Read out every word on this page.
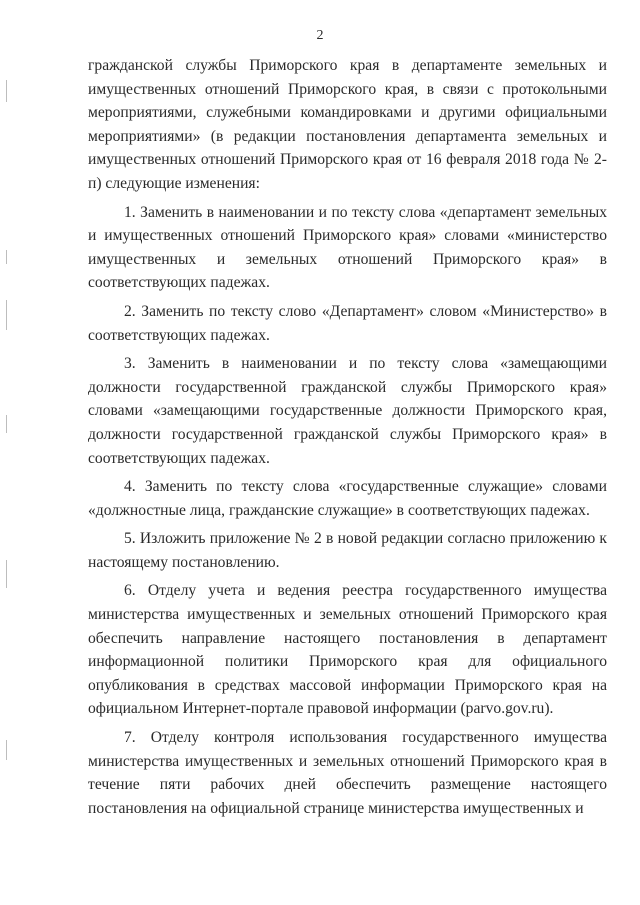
2

гражданской службы Приморского края в департаменте земельных и имущественных отношений Приморского края, в связи с протокольными мероприятиями, служебными командировками и другими официальными мероприятиями» (в редакции постановления департамента земельных и имущественных отношений Приморского края от 16 февраля 2018 года № 2-п) следующие изменения:

1. Заменить в наименовании и по тексту слова «департамент земельных и имущественных отношений Приморского края» словами «министерство имущественных и земельных отношений Приморского края» в соответствующих падежах.

2. Заменить по тексту слово «Департамент» словом «Министерство» в соответствующих падежах.

3. Заменить в наименовании и по тексту слова «замещающими должности государственной гражданской службы Приморского края» словами «замещающими государственные должности Приморского края, должности государственной гражданской службы Приморского края» в соответствующих падежах.

4. Заменить по тексту слова «государственные служащие» словами «должностные лица, гражданские служащие» в соответствующих падежах.

5. Изложить приложение № 2 в новой редакции согласно приложению к настоящему постановлению.

6. Отделу учета и ведения реестра государственного имущества министерства имущественных и земельных отношений Приморского края обеспечить направление настоящего постановления в департамент информационной политики Приморского края для официального опубликования в средствах массовой информации Приморского края на официальном Интернет-портале правовой информации (parvo.gov.ru).

7. Отделу контроля использования государственного имущества министерства имущественных и земельных отношений Приморского края в течение пяти рабочих дней обеспечить размещение настоящего постановления на официальной странице министерства имущественных и
